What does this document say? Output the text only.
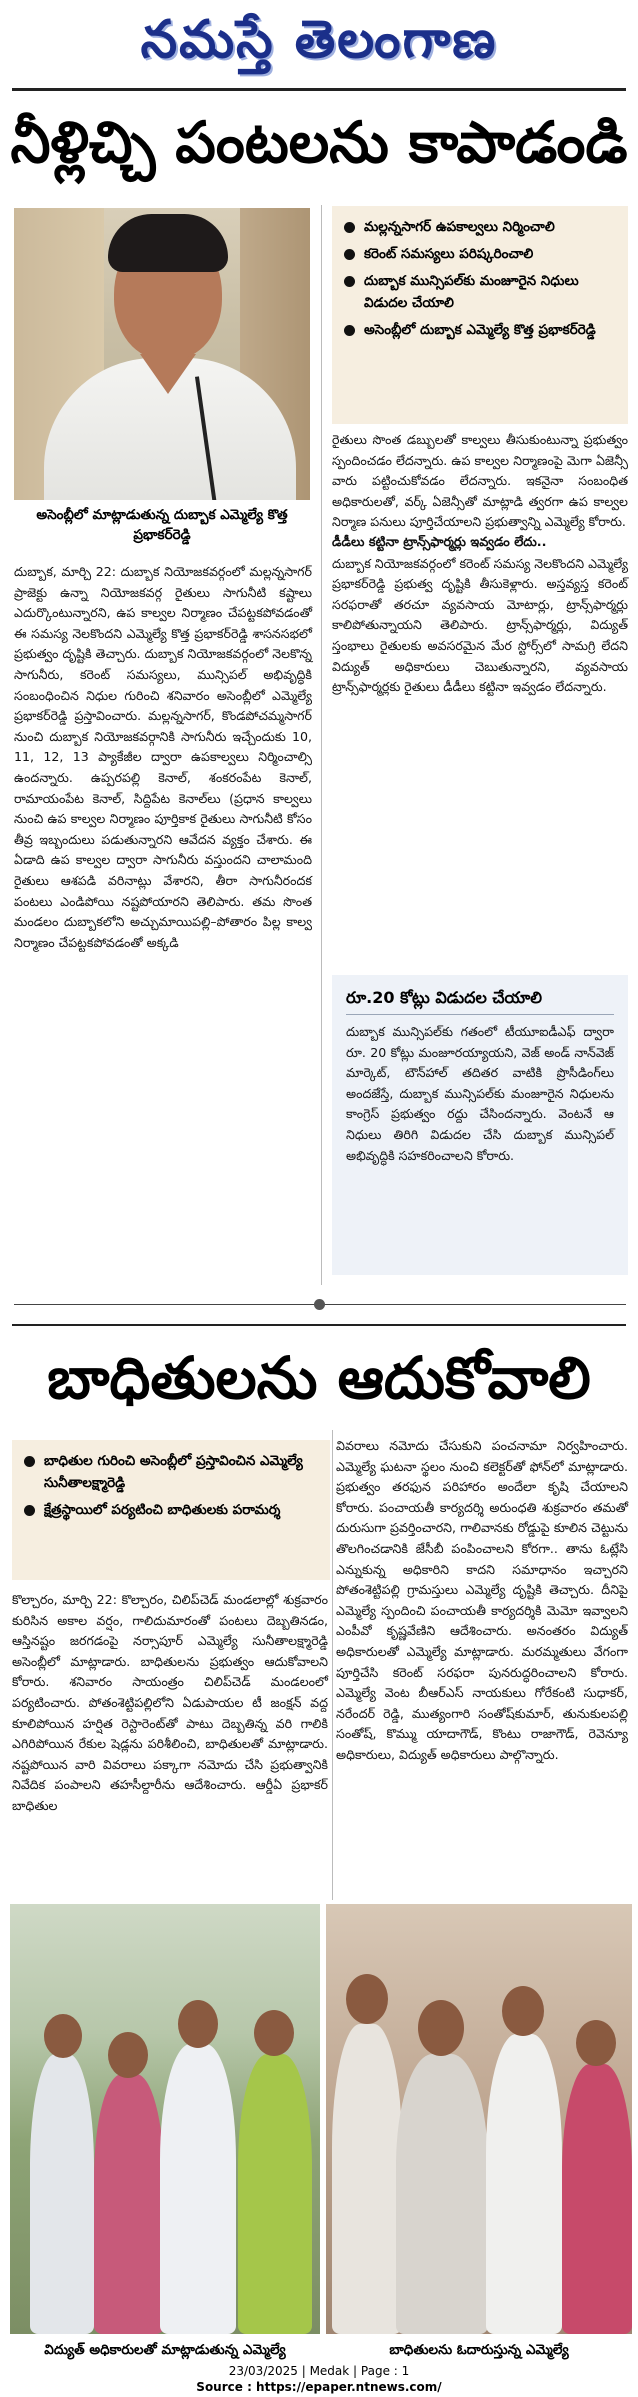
నమస్తే తెలంగాణ
నీళ్లిచ్చి పంటలను కాపాడండి
అసెంబ్లీలో మాట్లాడుతున్న దుబ్బాక ఎమ్మెల్యే కొత్త ప్రభాకర్‌రెడ్డి
మల్లన్నసాగర్‌ ఉపకాల్వలు నిర్మించాలి
కరెంట్‌ సమస్యలు పరిష్కరించాలి
దుబ్బాక మున్సిపల్‌కు మంజూరైన నిధులు విడుదల చేయాలి
అసెంబ్లీలో దుబ్బాక ఎమ్మెల్యే కొత్త ప్రభాకర్‌రెడ్డి

దుబ్బాక, మార్చి 22: దుబ్బాక నియోజకవర్గంలో మల్లన్నసాగర్‌ ప్రాజెక్టు ఉన్నా నియోజకవర్గ రైతులు సాగునీటి కష్టాలు ఎదుర్కొంటున్నారని, ఉప కాల్వల నిర్మాణం చేపట్టకపోవడంతో ఈ సమస్య నెలకొందని ఎమ్మెల్యే కొత్త ప్రభాకర్‌రెడ్డి శాసనసభలో ప్రభుత్వం దృష్టికి తెచ్చారు. దుబ్బాక నియోజకవర్గంలో నెలకొన్న సాగునీరు, కరెంట్‌ సమస్యలు, మున్సిపల్‌ అభివృద్ధికి సంబంధించిన నిధుల గురించి శనివారం అసెంబ్లీలో ఎమ్మెల్యే ప్రభాకర్‌రెడ్డి ప్రస్తావించారు. మల్లన్నసాగర్‌, కొండపోచమ్మసాగర్‌ నుంచి దుబ్బాక నియోజకవర్గానికి సాగునీరు ఇచ్చేందుకు 10, 11, 12, 13 ప్యాకేజీల ద్వారా ఉపకాల్వలు నిర్మించాల్సి ఉందన్నారు. ఉప్పరపల్లి కెనాల్‌, శంకరంపేట కెనాల్‌, రామాయంపేట కెనాల్‌, సిద్దిపేట కెనాల్‌లు (ప్రధాన కాల్వలు నుంచి ఉప కాల్వల నిర్మాణం పూర్తికాక రైతులు సాగునీటి కోసం తీవ్ర ఇబ్బందులు పడుతున్నారని ఆవేదన వ్యక్తం చేశారు. ఈ ఏడాది ఉప కాల్వల ద్వారా సాగునీరు వస్తుందని చాలామంది రైతులు ఆశపడి వరినాట్లు వేశారని, తీరా సాగునీరందక పంటలు ఎండిపోయి నష్టపోయారని తెలిపారు. తమ సొంత మండలం దుబ్బాకలోని అచ్చుమాయిపల్లి–పోతారం పిల్ల కాల్వ నిర్మాణం చేపట్టకపోవడంతో అక్కడి

రైతులు సొంత డబ్బులతో కాల్వలు తీసుకుంటున్నా ప్రభుత్వం స్పందించడం లేదన్నారు. ఉప కాల్వల నిర్మాణంపై మెగా ఏజెన్సీ వారు పట్టించుకోవడం లేదన్నారు. ఇకనైనా సంబంధిత అధికారులతో, వర్క్‌ ఏజెన్సీతో మాట్లాడి త్వరగా ఉప కాల్వల నిర్మాణ పనులు పూర్తిచేయాలని ప్రభుత్వాన్ని ఎమ్మెల్యే కోరారు.

డీడీలు కట్టినా ట్రాన్స్‌ఫార్మర్లు ఇవ్వడం లేదు..

దుబ్బాక నియోజకవర్గంలో కరెంట్‌ సమస్య నెలకొందని ఎమ్మెల్యే ప్రభాకర్‌రెడ్డి ప్రభుత్వ దృష్టికి తీసుకెళ్లారు. అస్తవ్యస్త కరెంట్‌ సరఫరాతో తరచూ వ్యవసాయ మోటార్లు, ట్రాన్స్‌ఫార్మర్లు కాలిపోతున్నాయని తెలిపారు. ట్రాన్స్‌ఫార్మర్లు, విద్యుత్‌ స్తంభాలు రైతులకు అవసరమైన మేర స్టోర్స్‌లో సామగ్రి లేదని విద్యుత్‌ అధికారులు చెబుతున్నారని, వ్యవసాయ ట్రాన్స్‌ఫార్మర్లకు రైతులు డీడీలు కట్టినా ఇవ్వడం లేదన్నారు.

రూ.20 కోట్లు విడుదల చేయాలి

దుబ్బాక మున్సిపల్‌కు గతంలో టీయూఐడీఎఫ్‌ ద్వారా రూ. 20 కోట్లు మంజూరయ్యాయని, వెజ్‌ అండ్‌ నాన్‌వెజ్‌ మార్కెట్‌, టౌన్‌హాల్‌ తదితర వాటికి ప్రొసీడింగ్‌లు అందజేస్తే, దుబ్బాక మున్సిపల్‌కు మంజూరైన నిధులను కాంగ్రెస్‌ ప్రభుత్వం రద్దు చేసిందన్నారు. వెంటనే ఆ నిధులు తిరిగి విడుదల చేసి దుబ్బాక మున్సిపల్‌ అభివృద్ధికి సహకరించాలని కోరారు.

బాధితులను ఆదుకోవాలి
బాధితుల గురించి అసెంబ్లీలో ప్రస్తావించిన ఎమ్మెల్యే సునీతాలక్ష్మారెడ్డి
క్షేత్రస్థాయిలో పర్యటించి బాధితులకు పరామర్శ

కొల్చారం, మార్చి 22: కొల్చారం, చిలిప్‌చెడ్‌ మండలాల్లో శుక్రవారం కురిసిన అకాల వర్షం, గాలిదుమారంతో పంటలు దెబ్బతినడం, ఆస్తినష్టం జరగడంపై నర్సాపూర్‌ ఎమ్మెల్యే సునీతాలక్ష్మారెడ్డి అసెంబ్లీలో మాట్లాడారు. బాధితులను ప్రభుత్వం ఆదుకోవాలని కోరారు. శనివారం సాయంత్రం చిలిప్‌చెడ్‌ మండలంలో పర్యటించారు. పోతంశెట్టిపల్లిలోని ఏడుపాయల టీ జంక్షన్‌ వద్ద కూలిపోయిన హర్షిత రెస్టారెంట్‌తో పాటు దెబ్బతిన్న వరి గాలికి ఎగిరిపోయిన రేకుల షెడ్లను పరిశీలించి, బాధితులతో మాట్లాడారు. నష్టపోయిన వారి వివరాలు పక్కాగా నమోదు చేసి ప్రభుత్వానికి నివేదిక పంపాలని తహసీల్దారీను ఆదేశించారు. ఆర్డీఏ ప్రభాకర్‌ బాధితుల

వివరాలు నమోదు చేసుకుని పంచనామా నిర్వహించారు. ఎమ్మెల్యే ఘటనా స్థలం నుంచి కలెక్టర్‌తో ఫోన్‌లో మాట్లాడారు. ప్రభుత్వం తరఫున పరిహారం అందేలా కృషి చేయాలని కోరారు. పంచాయతీ కార్యదర్శి అరుంధతి శుక్రవారం తమతో దురుసుగా ప్రవర్తించారని, గాలివానకు రోడ్డుపై కూలిన చెట్టును తొలగించడానికి జేసీబీ పంపించాలని కోరగా.. తాను ఓట్లేసి ఎన్నుకున్న అధికారిని కాదని సమాధానం ఇచ్చారని పోతంశెట్టిపల్లి గ్రామస్తులు ఎమ్మెల్యే దృష్టికి తెచ్చారు. దీనిపై ఎమ్మెల్యే స్పందించి పంచాయతీ కార్యదర్శికి మెమో ఇవ్వాలని ఎంపీవో కృష్ణవేణిని ఆదేశించారు. అనంతరం విద్యుత్‌ అధికారులతో ఎమ్మెల్యే మాట్లాడారు. మరమ్మతులు వేగంగా పూర్తిచేసి కరెంట్‌ సరఫరా పునరుద్ధరించాలని కోరారు. ఎమ్మెల్యే వెంట బీఆర్‌ఎస్‌ నాయకులు గోరేకంటి సుధాకర్‌, నరేందర్‌ రెడ్డి, ముత్యంగారి సంతోష్‌కుమార్‌, తునుకులపల్లి సంతోష్‌, కొమ్ము యాదాగౌడ్‌, కొంటు రాజాగౌడ్‌, రెవెన్యూ అధికారులు, విద్యుత్‌ అధికారులు పాల్గొన్నారు.

విద్యుత్‌ అధికారులతో మాట్లాడుతున్న ఎమ్మెల్యే	బాధితులను ఓదారుస్తున్న ఎమ్మెల్యే
23/03/2025 | Medak | Page : 1
Source : https://epaper.ntnews.com/
